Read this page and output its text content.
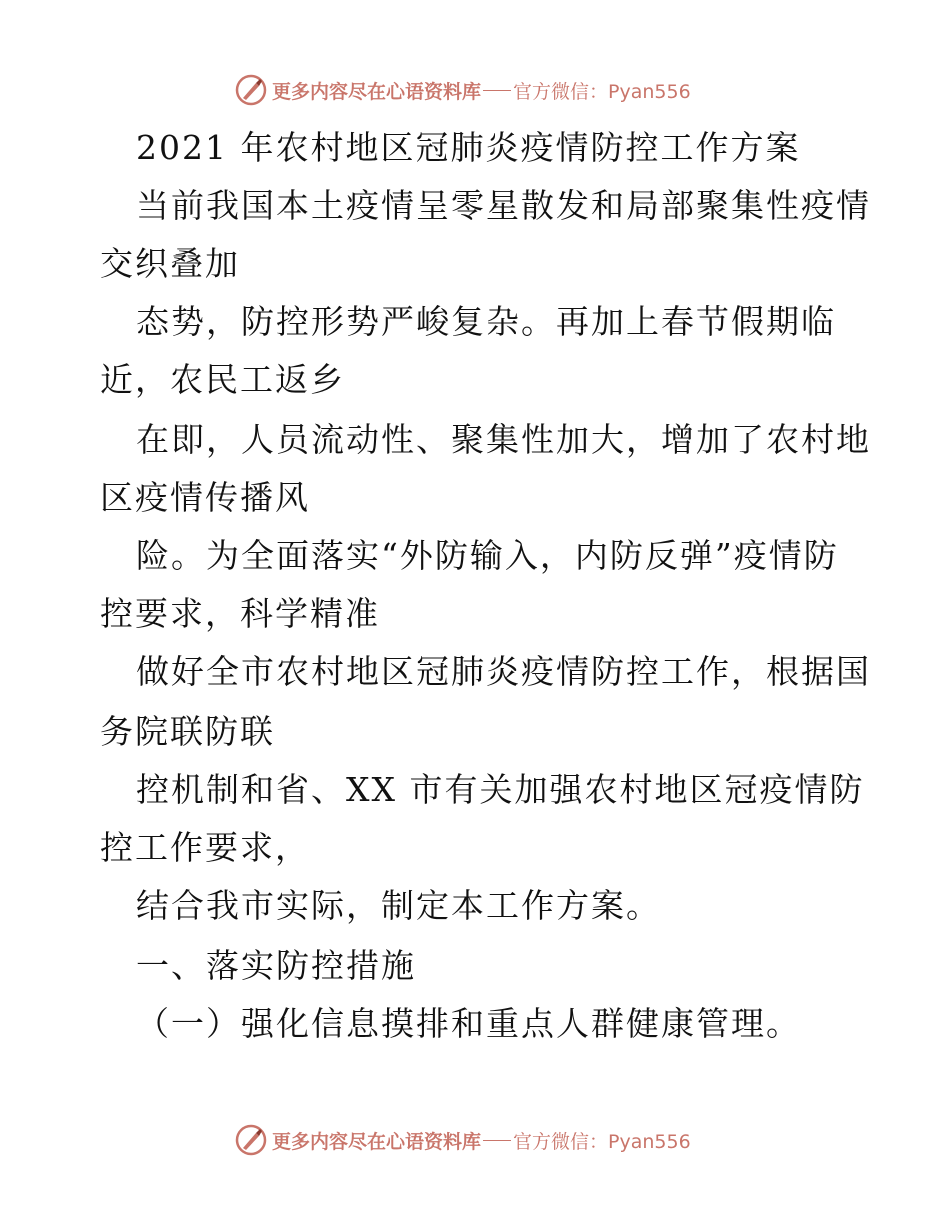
更多内容尽在心语资料库 官方微信：Pyan556
2021 年农村地区冠肺炎疫情防控工作方案
当前我国本土疫情呈零星散发和局部聚集性疫情
交织叠加
态势，防控形势严峻复杂。再加上春节假期临
近，农民工返乡
在即，人员流动性、聚集性加大，增加了农村地
区疫情传播风
险。为全面落实“外防输入，内防反弹”疫情防
控要求，科学精准
做好全市农村地区冠肺炎疫情防控工作，根据国
务院联防联
控机制和省、XX 市有关加强农村地区冠疫情防
控工作要求，
结合我市实际，制定本工作方案。
一、落实防控措施
（一）强化信息摸排和重点人群健康管理。
更多内容尽在心语资料库 官方微信：Pyan556
